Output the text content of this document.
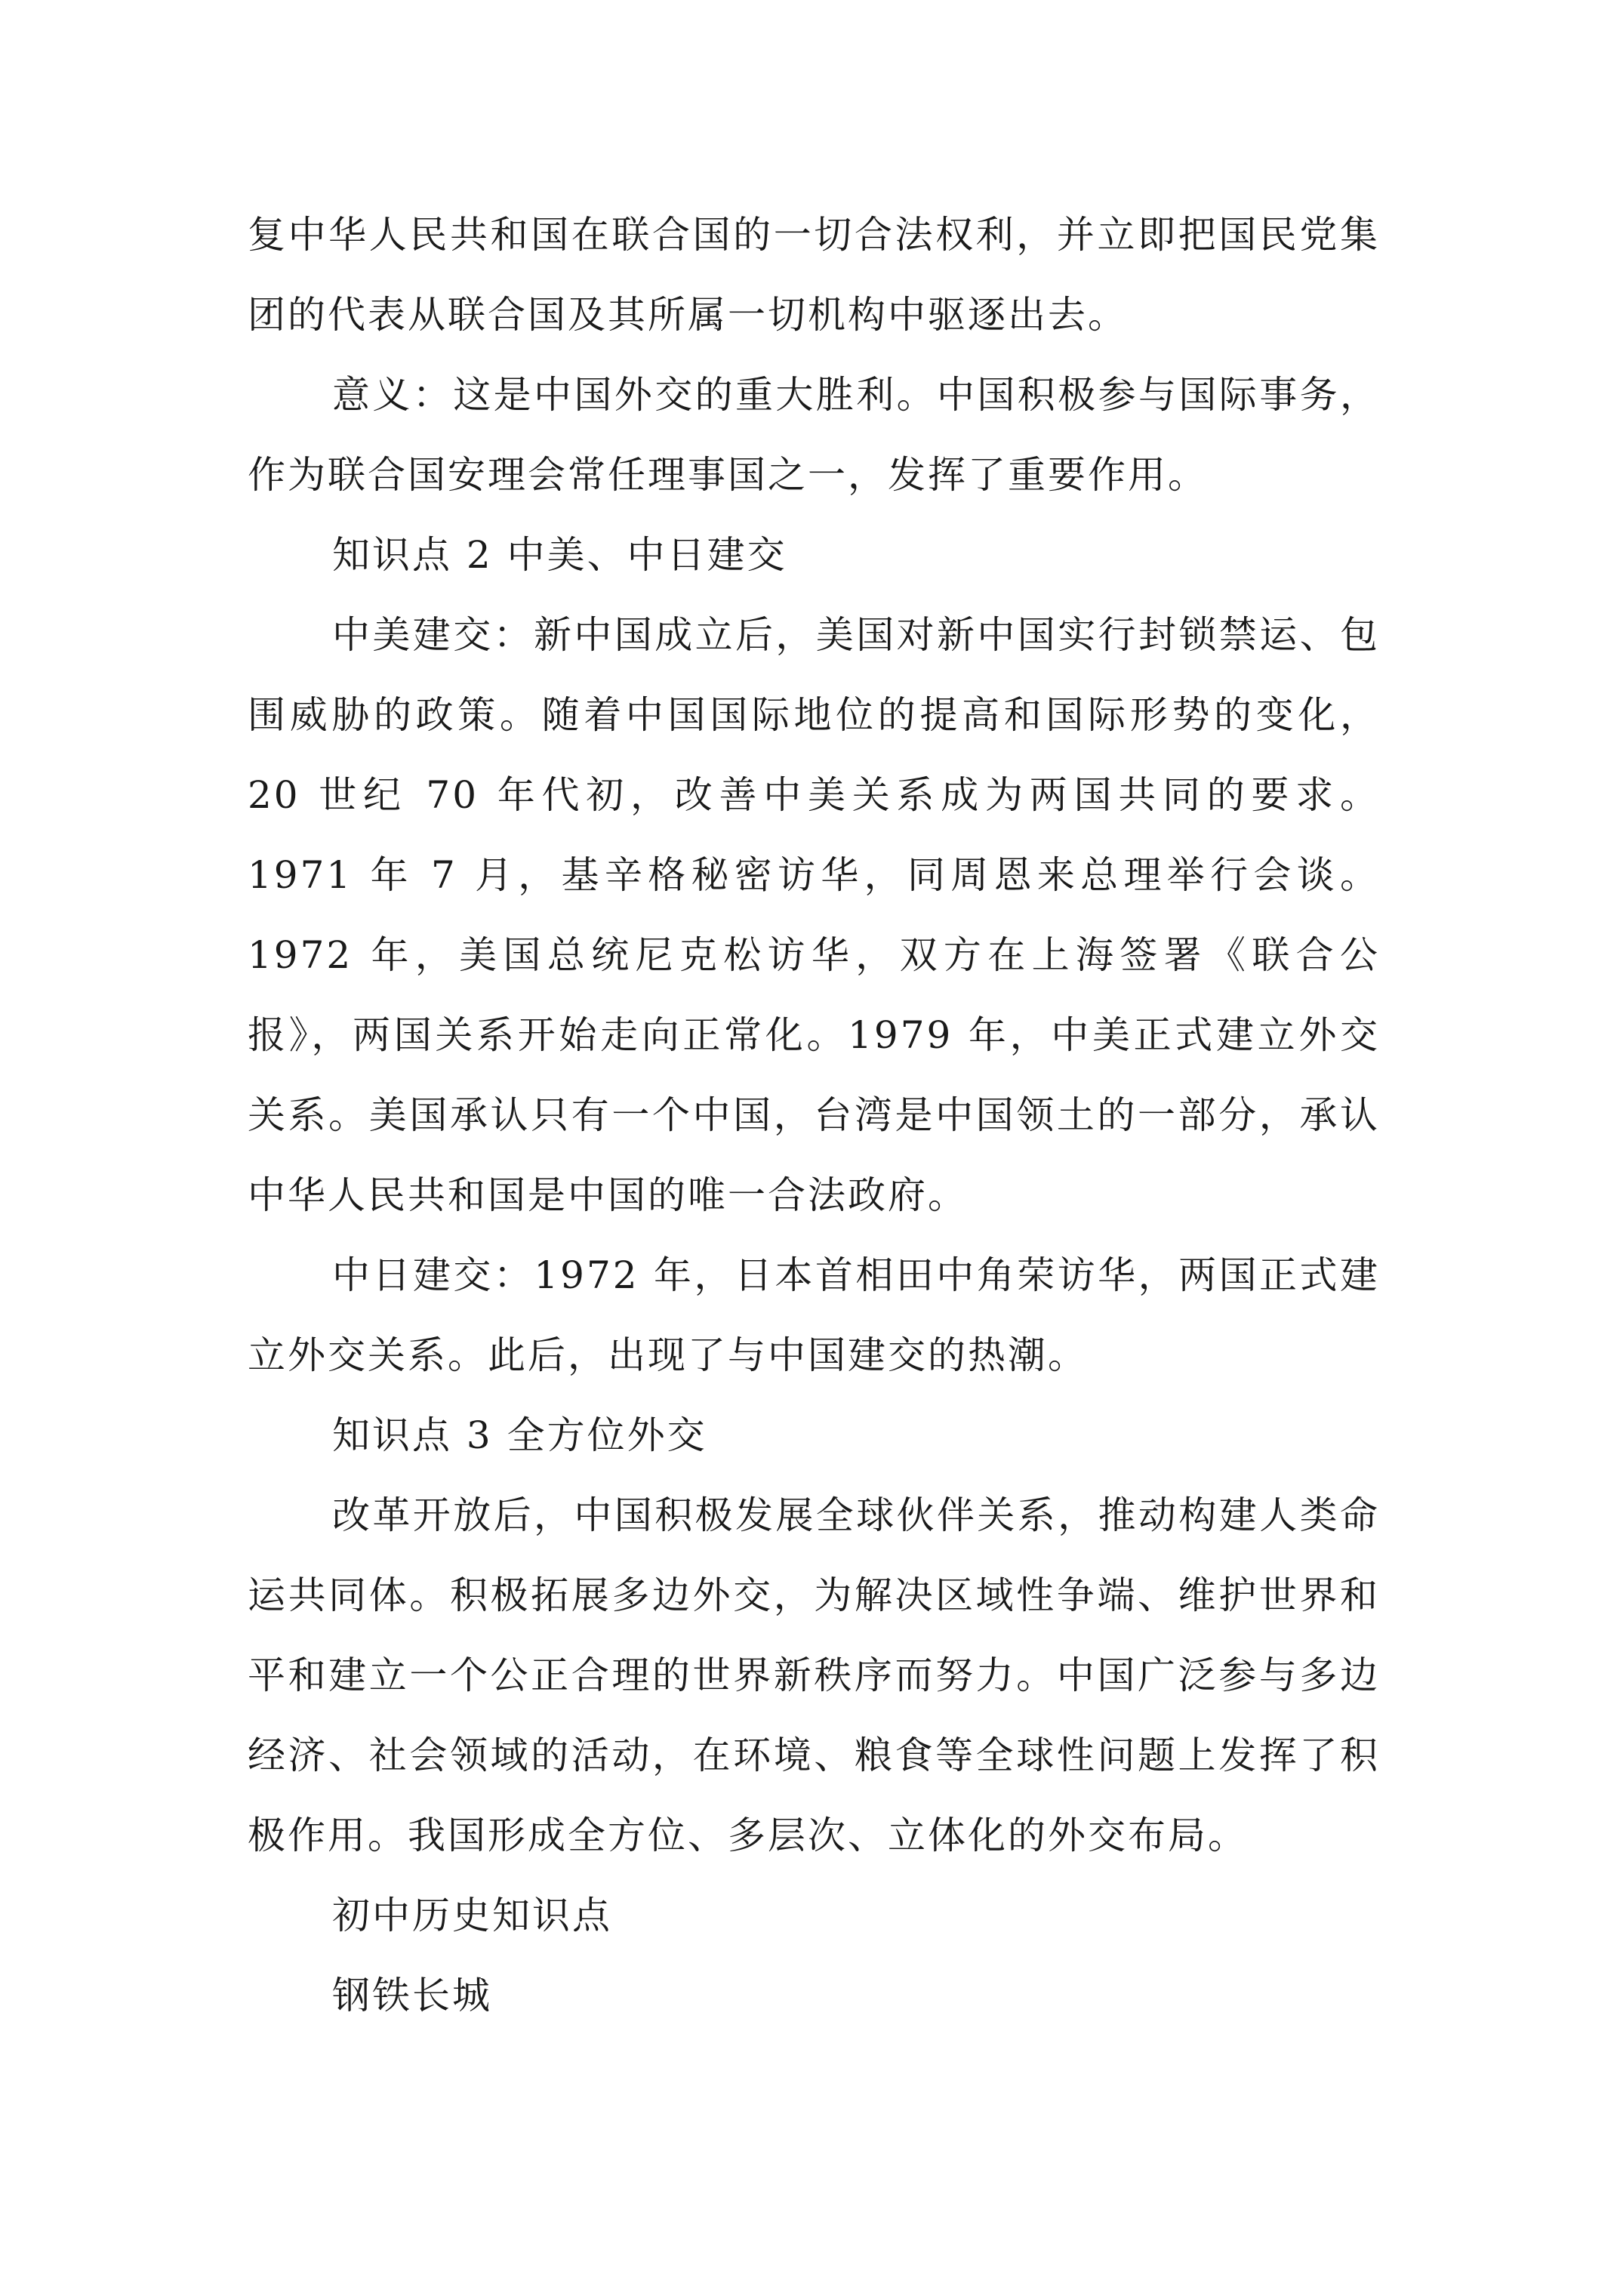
复中华人民共和国在联合国的一切合法权利，并立即把国民党集团的代表从联合国及其所属一切机构中驱逐出去。

意义：这是中国外交的重大胜利。中国积极参与国际事务，作为联合国安理会常任理事国之一，发挥了重要作用。

知识点 2 中美、中日建交

中美建交：新中国成立后，美国对新中国实行封锁禁运、包围威胁的政策。随着中国国际地位的提高和国际形势的变化，20 世纪 70 年代初，改善中美关系成为两国共同的要求。1971 年 7 月，基辛格秘密访华，同周恩来总理举行会谈。1972 年，美国总统尼克松访华，双方在上海签署《联合公报》，两国关系开始走向正常化。1979 年，中美正式建立外交关系。美国承认只有一个中国，台湾是中国领土的一部分，承认中华人民共和国是中国的唯一合法政府。

中日建交：1972 年，日本首相田中角荣访华，两国正式建立外交关系。此后，出现了与中国建交的热潮。

知识点 3 全方位外交

改革开放后，中国积极发展全球伙伴关系，推动构建人类命运共同体。积极拓展多边外交，为解决区域性争端、维护世界和平和建立一个公正合理的世界新秩序而努力。中国广泛参与多边经济、社会领域的活动，在环境、粮食等全球性问题上发挥了积极作用。我国形成全方位、多层次、立体化的外交布局。

初中历史知识点

钢铁长城
